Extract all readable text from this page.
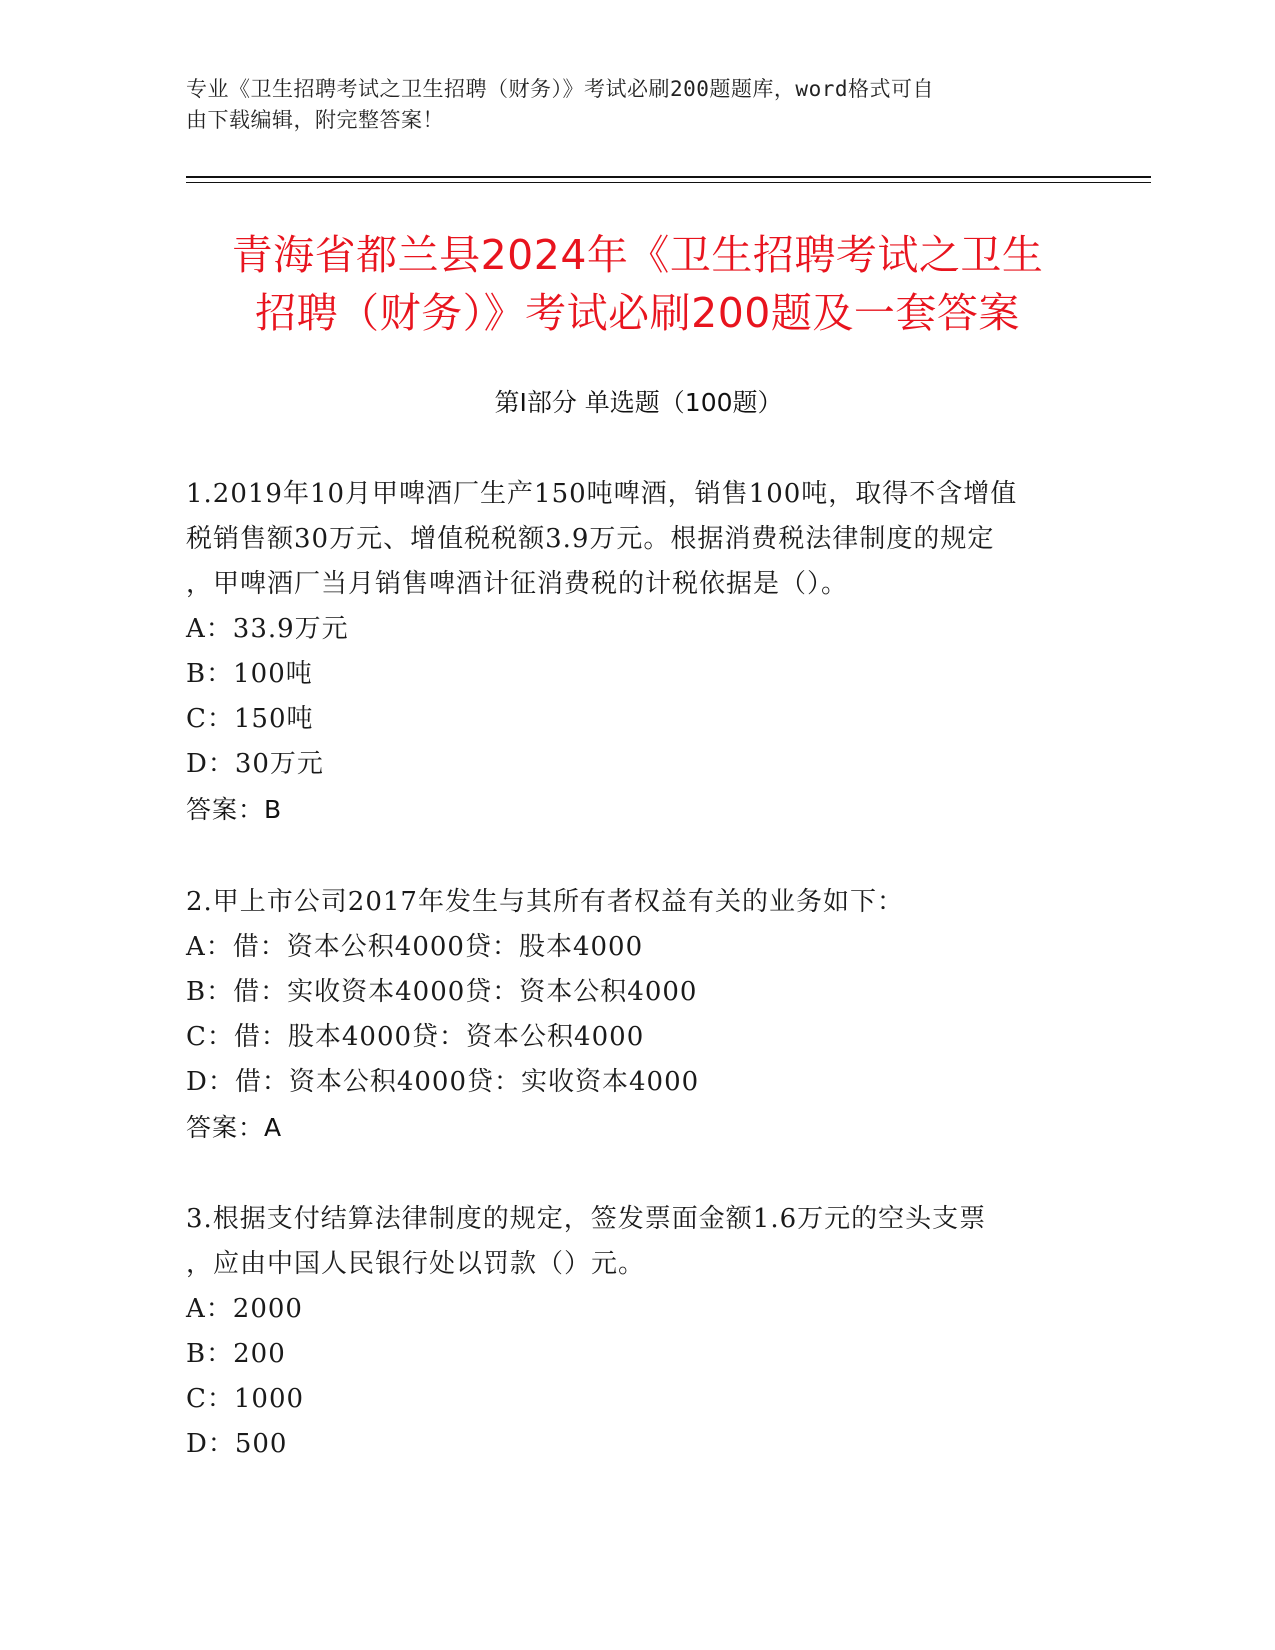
专业《卫生招聘考试之卫生招聘（财务）》考试必刷200题题库，word格式可自
由下载编辑，附完整答案！
青海省都兰县2024年《卫生招聘考试之卫生
招聘（财务）》考试必刷200题及一套答案
第Ⅰ部分 单选题（100题）
1.2019年10月甲啤酒厂生产150吨啤酒，销售100吨，取得不含增值
税销售额30万元、增值税税额3.9万元。根据消费税法律制度的规定
，甲啤酒厂当月销售啤酒计征消费税的计税依据是（）。
A：33.9万元
B：100吨
C：150吨
D：30万元
答案：B
2.甲上市公司2017年发生与其所有者权益有关的业务如下：
A：借：资本公积4000贷：股本4000
B：借：实收资本4000贷：资本公积4000
C：借：股本4000贷：资本公积4000
D：借：资本公积4000贷：实收资本4000
答案：A
3.根据支付结算法律制度的规定，签发票面金额1.6万元的空头支票
，应由中国人民银行处以罚款（）元。
A：2000
B：200
C：1000
D：500
